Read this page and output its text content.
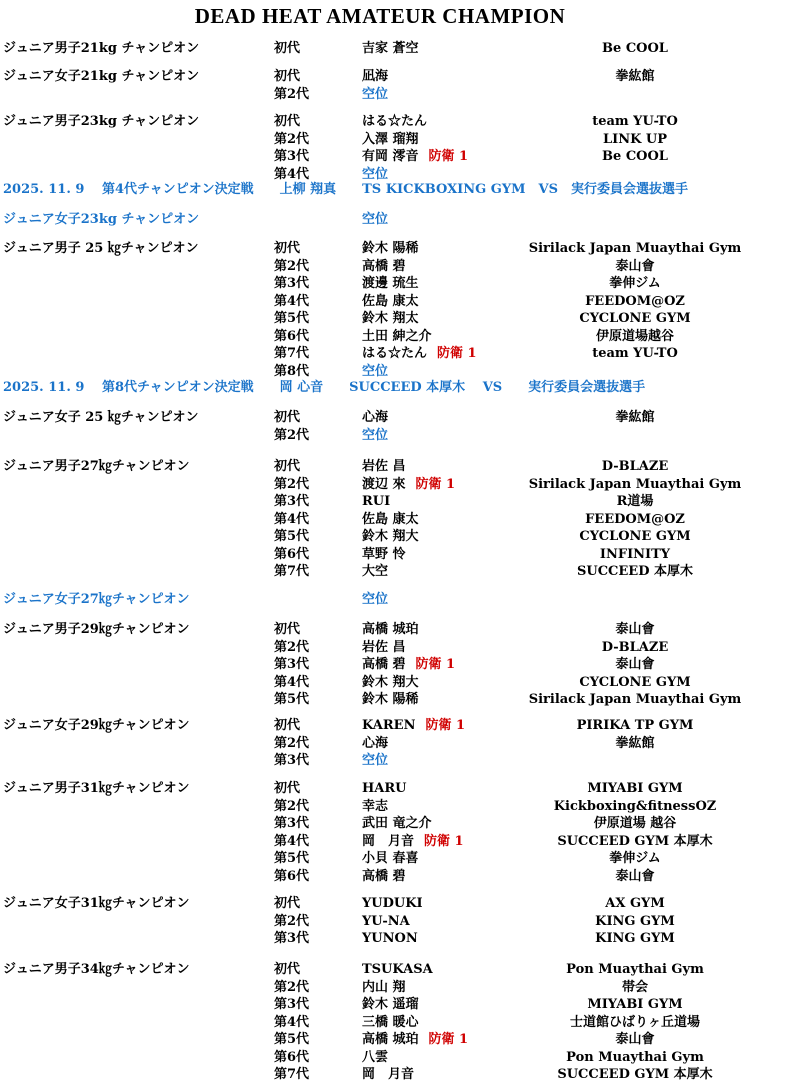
DEAD HEAT AMATEUR CHAMPION
ジュニア男子21kg チャンピオン	初代	吉家 蒼空	Be COOL
ジュニア女子21kg チャンピオン	初代	凪海	拳紘館
第2代	空位
ジュニア男子23kg チャンピオン	初代	はる☆たん	team YU-TO
第2代	入澤 瑠翔	LINK UP
第3代	有岡 澪音 防衛 1	Be COOL
第4代	空位
2025. 11. 9　 第4代チャンピオン決定戦　　上柳 翔真　　TS KICKBOXING GYM　VS　実行委員会選抜選手
ジュニア女子23kg チャンピオン	空位
ジュニア男子 25 ㎏チャンピオン	初代	鈴木 陽稀	Sirilack Japan Muaythai Gym
第2代	高橋 碧	泰山會
第3代	渡邊 琉生	拳伸ジム
第4代	佐島 康太	FEEDOM@OZ
第5代	鈴木 翔太	CYCLONE GYM
第6代	土田 紳之介	伊原道場越谷
第7代	はる☆たん 防衛 1	team YU-TO
第8代	空位
2025. 11. 9　 第8代チャンピオン決定戦　　岡 心音　　SUCCEED 本厚木　 VS　　実行委員会選抜選手
ジュニア女子 25 ㎏チャンピオン	初代	心海	拳紘館
第2代	空位
ジュニア男子27㎏チャンピオン	初代	岩佐 昌	D-BLAZE
第2代	渡辺 來 防衛 1	Sirilack Japan Muaythai Gym
第3代	RUI	R道場
第4代	佐島 康太	FEEDOM@OZ
第5代	鈴木 翔大	CYCLONE GYM
第6代	草野 怜	INFINITY
第7代	大空	SUCCEED 本厚木
ジュニア女子27㎏チャンピオン	空位
ジュニア男子29㎏チャンピオン	初代	高橋 城珀	泰山會
第2代	岩佐 昌	D-BLAZE
第3代	高橋 碧 防衛 1	泰山會
第4代	鈴木 翔大	CYCLONE GYM
第5代	鈴木 陽稀	Sirilack Japan Muaythai Gym
ジュニア女子29㎏チャンピオン	初代	KAREN 防衛 1	PIRIKA TP GYM
第2代	心海	拳紘館
第3代	空位
ジュニア男子31㎏チャンピオン	初代	HARU	MIYABI GYM
第2代	幸志	Kickboxing&fitnessOZ
第3代	武田 竜之介	伊原道場 越谷
第4代	岡　月音 防衛 1	SUCCEED GYM 本厚木
第5代	小貝 春喜	拳伸ジム
第6代	高橋 碧	泰山會
ジュニア女子31㎏チャンピオン	初代	YUDUKI	AX GYM
第2代	YU-NA	KING GYM
第3代	YUNON	KING GYM
ジュニア男子34㎏チャンピオン	初代	TSUKASA	Pon Muaythai Gym
第2代	内山 翔	帯会
第3代	鈴木 遥瑠	MIYABI GYM
第4代	三橋 暖心	士道館ひばりヶ丘道場
第5代	高橋 城珀 防衛 1	泰山會
第6代	八雲	Pon Muaythai Gym
第7代	岡　月音	SUCCEED GYM 本厚木
